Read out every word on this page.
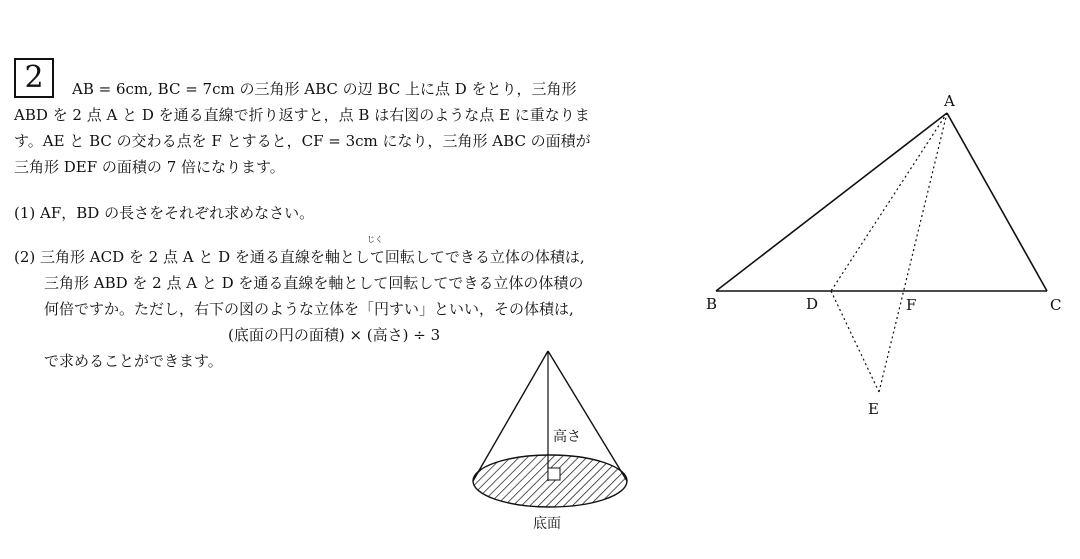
2	AB = 6cm, BC = 7cm の三角形 ABC の辺 BC 上に点 D をとり，三角形
ABD を 2 点 A と D を通る直線で折り返すと，点 B は右図のような点 E に重なりま
す。AE と BC の交わる点を F とすると，CF = 3cm になり，三角形 ABC の面積が
三角形 DEF の面積の 7 倍になります。
(1) AF，BD の長さをそれぞれ求めなさい。
じく
(2) 三角形 ACD を 2 点 A と D を通る直線を軸として回転してできる立体の体積は,
三角形 ABD を 2 点 A と D を通る直線を軸として回転してできる立体の体積の
何倍ですか。ただし，右下の図のような立体を「円すい」といい，その体積は,
(底面の円の面積) × (高さ) ÷ 3
で求めることができます。
A
B	C
D
E
F
高さ
底面
